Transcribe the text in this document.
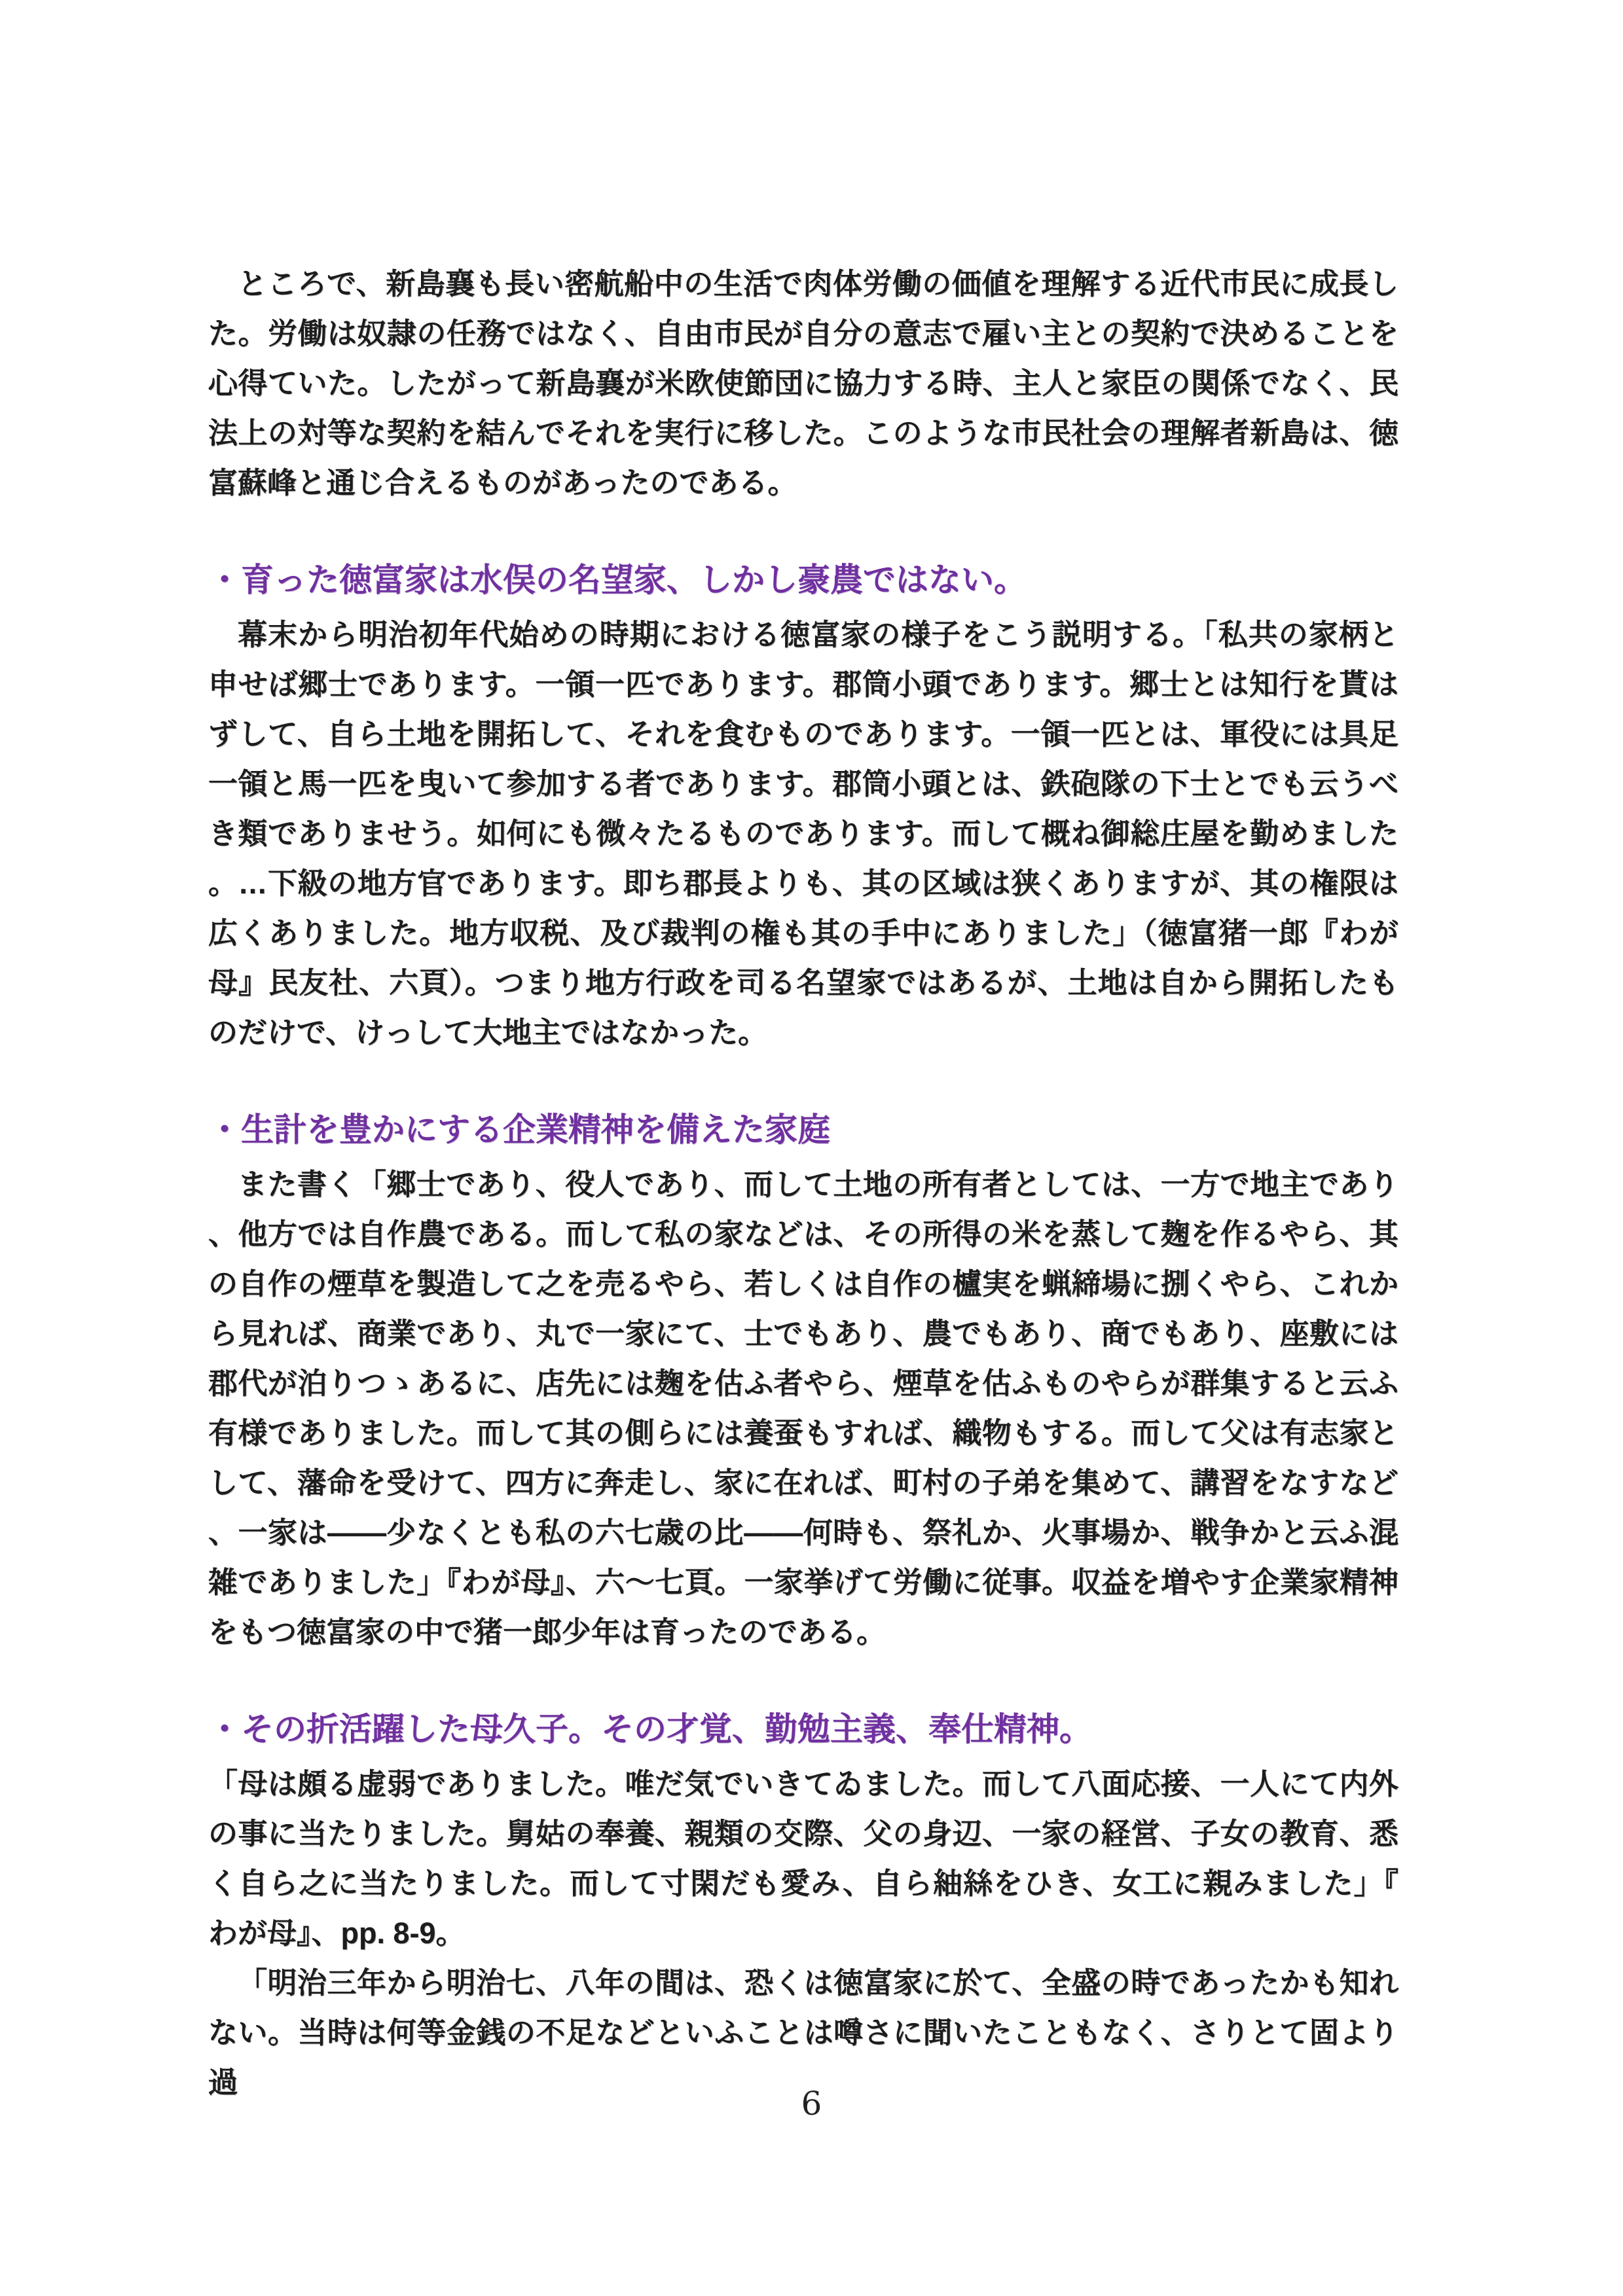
ところで、新島襄も長い密航船中の生活で肉体労働の価値を理解する近代市民に成長した。労働は奴隷の任務ではなく、自由市民が自分の意志で雇い主との契約で決めることを心得ていた。したがって新島襄が米欧使節団に協力する時、主人と家臣の関係でなく、民法上の対等な契約を結んでそれを実行に移した。このような市民社会の理解者新島は、徳富蘇峰と通じ合えるものがあったのである。

・育った徳富家は水俣の名望家、しかし豪農ではない。

幕末から明治初年代始めの時期における徳富家の様子をこう説明する。「私共の家柄と申せば郷士であります。一領一匹であります。郡筒小頭であります。郷士とは知行を貰はずして、自ら土地を開拓して、それを食むものであります。一領一匹とは、軍役には具足一領と馬一匹を曳いて参加する者であります。郡筒小頭とは、鉄砲隊の下士とでも云うべき類でありませう。如何にも微々たるものであります。而して概ね御総庄屋を勤めました。…下級の地方官であります。即ち郡長よりも、其の区域は狭くありますが、其の権限は広くありました。地方収税、及び裁判の権も其の手中にありました」（徳富猪一郎『わが母』民友社、六頁）。つまり地方行政を司る名望家ではあるが、土地は自から開拓したものだけで、けっして大地主ではなかった。

・生計を豊かにする企業精神を備えた家庭

また書く「郷士であり、役人であり、而して土地の所有者としては、一方で地主であり、他方では自作農である。而して私の家などは、その所得の米を蒸して麹を作るやら、其の自作の煙草を製造して之を売るやら、若しくは自作の櫨実を蝋締場に捌くやら、これから見れば、商業であり、丸で一家にて、士でもあり、農でもあり、商でもあり、座敷には郡代が泊りつゝあるに、店先には麹を估ふ者やら、煙草を估ふものやらが群集すると云ふ有様でありました。而して其の側らには養蚕もすれば、織物もする。而して父は有志家として、藩命を受けて、四方に奔走し、家に在れば、町村の子弟を集めて、講習をなすなど、一家は——少なくとも私の六七歳の比——何時も、祭礼か、火事場か、戦争かと云ふ混雑でありました」『わが母』、六〜七頁。一家挙げて労働に従事。収益を増やす企業家精神をもつ徳富家の中で猪一郎少年は育ったのである。

・その折活躍した母久子。その才覚、勤勉主義、奉仕精神。

「母は頗る虚弱でありました。唯だ気でいきてゐました。而して八面応接、一人にて内外の事に当たりました。舅姑の奉養、親類の交際、父の身辺、一家の経営、子女の教育、悉く自ら之に当たりました。而して寸閑だも愛み、自ら紬絲をひき、女工に親みました」『わが母』、pp. 8-9。

「明治三年から明治七、八年の間は、恐くは徳富家に於て、全盛の時であったかも知れない。当時は何等金銭の不足などといふことは噂さに聞いたこともなく、さりとて固より過

6
